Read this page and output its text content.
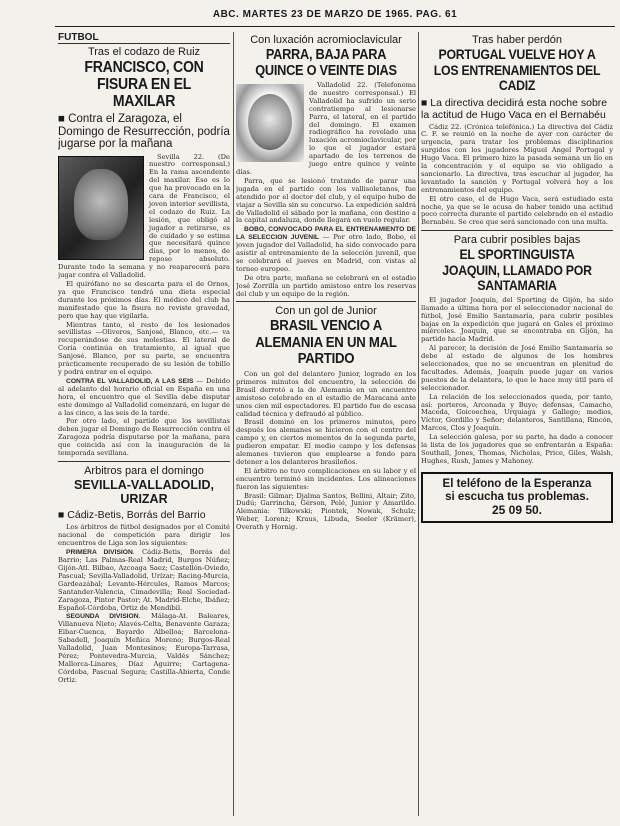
ABC. MARTES 23 DE MARZO DE 1965. PAG. 61
FUTBOL
Tras el codazo de Ruiz
FRANCISCO, CON FISURA EN EL MAXILAR
■ Contra el Zaragoza, el Domingo de Resurrección, podría jugarse por la mañana

Sevilla 22. (De nuestro corresponsal.) En la rama ascendente del maxilar. Eso es lo que ha provocado en la cara de Francisco, el joven interior sevillista, el codazo de Ruiz. La lesión, que obligó al jugador a retirarse, es de cuidado y se estima que necesitará quince días, por lo menos, de reposo absoluto. Durante todo la semana y no reaparecerá para jugar contra el Valladolid.

El quirófano no se descarta para el de Ornos, ya que Francisco tendrá una dieta especial durante los próximos días. El médico del club ha manifestado que la fisura no reviste gravedad, pero que hay que vigilarla.

Mientras tanto, el resto de los lesionados sevillistas —Oliveros, Sanjosé, Blanco, etc.— va recuperándose de sus molestias. El lateral de Coria continúa en tratamiento, al igual que Sanjosé. Blanco, por su parte, se encuentra prácticamente recuperado de su lesión de tobillo y podrá entrar en el equipo.

CONTRA EL VALLADOLID, A LAS SEIS — Debido al adelanto del horario oficial en España en una hora, el encuentro que el Sevilla debe disputar este domingo al Valladolid comenzará, en lugar de a las cinco, a las seis de la tarde.

Por otro lado, el partido que los sevillistas deben jugar el Domingo de Resurrección contra el Zaragoza podría disputarse por la mañana, para que coincida así con la inauguración de la temporada sevillana.

Arbitros para el domingo
SEVILLA-VALLADOLID, URIZAR
■ Cádiz-Betis, Borrás del Barrio

Los árbitros de fútbol designados por el Comité nacional de competición para dirigir los encuentros de Liga son los siguientes:

PRIMERA DIVISION. Cádiz-Betis, Borrás del Barrio; Las Palmas-Real Madrid, Burgos Núñez; Gijón-Atl. Bilbao, Azcoaga Saez; Castellón-Oviedo, Pascual; Sevilla-Valladolid, Urízar; Racing-Murcia, Gardeazábal; Levante-Hércules, Ramos Marcos; Santander-Valencia, Cimadevilla; Real Sociedad-Zaragoza, Pintor Pastor; At. Madrid-Elche, Ibáñez; Español-Córdoba, Ortiz de Mendíbil.

SEGUNDA DIVISION. Málaga-At. Baleares, Villanueva Nieto; Alavés-Celta, Benavente Garaza; Eibar-Cuenca, Bayardo Albelloa; Barcelona-Sabadell, Joaquín Meñica Moreno; Burgos-Real Valladolid, Juan Montesinos; Europa-Tarrasa, Pérez; Pontevedra-Murcia, Valdés Sánchez; Mallorca-Linares, Díaz Aguirre; Cartagena-Córdoba, Pascual Segura; Castilla-Abierta, Conde Ortiz.

Con luxación acromioclavicular
PARRA, BAJA PARA QUINCE O VEINTE DIAS

Valladolid 22. (Telefonema de nuestro corresponsal.) El Valladolid ha sufrido un serio contratiempo al lesionarse Parra, el lateral, en el partido del domingo. El examen radiográfico ha revelado una luxación acromioclavicular, por lo que el jugador estará apartado de los terrenos de juego entre quince y veinte días.

Parra, que se lesionó tratando de parar una jugada en el partido con los vallisoletanos, fue atendido por el doctor del club, y el equipo hubo de viajar a Sevilla sin su concurso. La expedición saldrá de Valladolid el sábado por la mañana, con destino a la capital andaluza, donde llegará en vuelo regular.

BOBO, CONVOCADO PARA EL ENTRENAMIENTO DE LA SELECCION JUVENIL — Por otro lado, Bobo, el joven jugador del Valladolid, ha sido convocado para asistir al entrenamiento de la selección juvenil, que se celebrará el jueves en Madrid, con vistas al torneo europeo.

De otra parte, mañana se celebrará en el estadio José Zorrilla un partido amistoso entre los reservas del club y un equipo de la región.

Con un gol de Junior
BRASIL VENCIO A ALEMANIA EN UN MAL PARTIDO

Con un gol del delantero Junior, logrado en los primeros minutos del encuentro, la selección de Brasil derrotó a la de Alemania en un encuentro amistoso celebrado en el estadio de Maracaná ante unos cien mil espectadores. El partido fue de escasa calidad técnica y defraudó al público.

Brasil dominó en los primeros minutos, pero después los alemanes se hicieron con el centro del campo y, en ciertos momentos de la segunda parte, pudieron empatar. El medio campo y los defensas alemanes tuvieron que emplearse a fondo para detener a los delanteros brasileños.

El árbitro no tuvo complicaciones en su labor y el encuentro terminó sin incidentes. Los alineaciones fueron las siguientes:

Brasil: Gilmar; Djalma Santos, Bellini, Altair; Zito, Dudú; Garrincha, Gérson, Pelé, Junior y Amarildo. Alemania: Tilkowski; Piontek, Nowak, Schulz; Weber, Lorenz; Kraus, Libuda, Seeler (Krämer), Overath y Hornig.

Tras haber perdón
PORTUGAL VUELVE HOY A LOS ENTRENAMIENTOS DEL CADIZ
■ La directiva decidirá esta noche sobre la actitud de Hugo Vaca en el Bernabéu

Cádiz 22. (Crónica telefónica.) La directiva del Cádiz C. F. se reunió en la noche de ayer con carácter de urgencia, para tratar los problemas disciplinarios surgidos con los jugadores Miguel Angel Portugal y Hugo Vaca. El primero hizo la pasada semana un lío en la concentración y el equipo se vio obligado a sancionarlo. La directiva, tras escuchar al jugador, ha levantado la sanción y Portugal volverá hoy a los entrenamientos del equipo.

El otro caso, el de Hugo Vaca, será estudiado esta noche, ya que se le acusa de haber tenido una actitud poco correcta durante el partido celebrado en el estadio Bernabéu. Se cree que será sancionado con una multa.

Para cubrir posibles bajas
EL SPORTINGUISTA JOAQUIN, LLAMADO POR SANTAMARIA

El jugador Joaquín, del Sporting de Gijón, ha sido llamado a última hora por el seleccionador nacional de fútbol, José Emilio Santamaría, para cubrir posibles bajas en la expedición que jugará en Gales el próximo miércoles. Joaquín, que se encontraba en Gijón, ha partido hacia Madrid.

Al parecer, la decisión de José Emilio Santamaría se debe al estado de algunos de los hombres seleccionados, que no se encuentran en plenitud de facultades. Además, Joaquín puede jugar en varios puestos de la delantera, lo que le hace muy útil para el seleccionador.

La relación de los seleccionados queda, por tanto, así: porteros, Arconada y Buyo; defensas, Camacho, Maceda, Goicoechea, Urquiaga y Gallego; medios, Víctor, Gordillo y Señor; delanteros, Santillana, Rincón, Marcos, Clos y Joaquín.

La selección galesa, por su parte, ha dado a conocer la lista de los jugadores que se enfrentarán a España: Southall, Jones, Thomas, Nicholas, Price, Giles, Walsh, Hughes, Rush, James y Mahoney.

El teléfono de la Esperanza
si escucha tus problemas.
25 09 50.
